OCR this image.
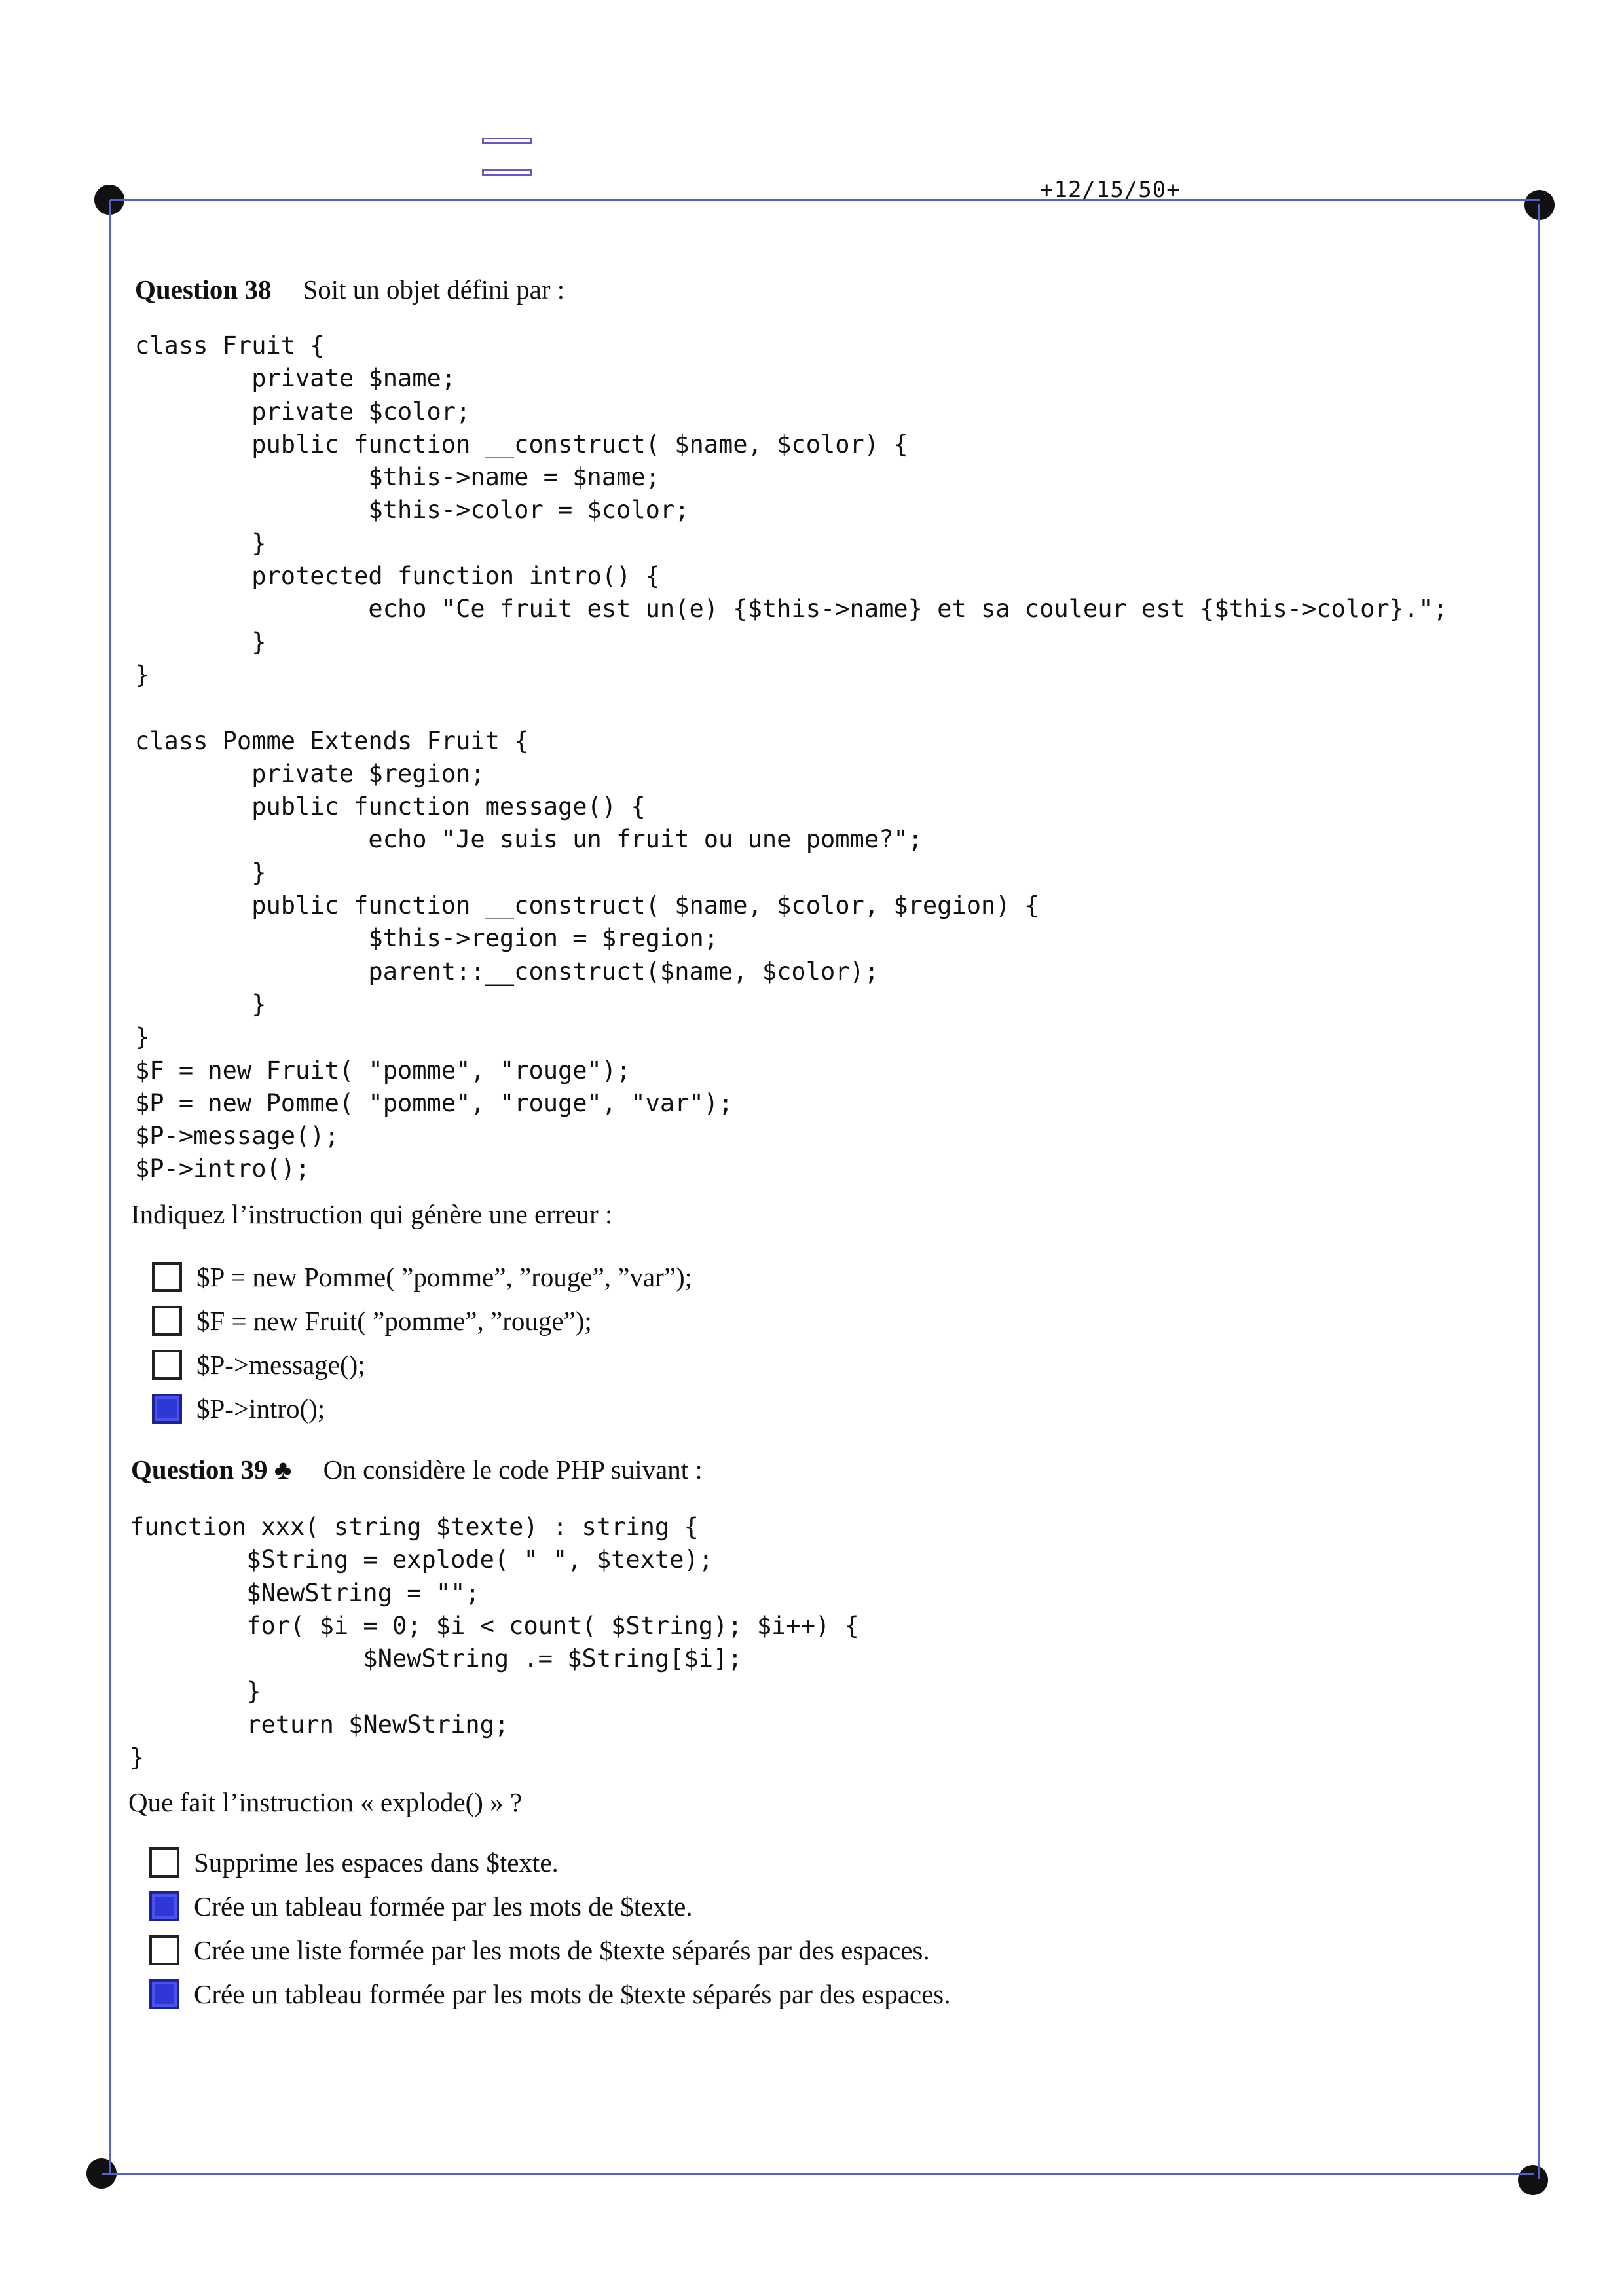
+12/15/50+
Question 38 Soit un objet défini par :
class Fruit {
private $name;
private $color;
public function __construct( $name, $color) {
$this->name = $name;
$this->color = $color;
}
protected function intro() {
echo "Ce fruit est un(e) {$this->name} et sa couleur est {$this->color}.";
}
}
class Pomme Extends Fruit {
private $region;
public function message() {
echo "Je suis un fruit ou une pomme?";
}
public function __construct( $name, $color, $region) {
$this->region = $region;
parent::__construct($name, $color);
}
}
$F = new Fruit( "pomme", "rouge");
$P = new Pomme( "pomme", "rouge", "var");
$P->message();
$P->intro();
Indiquez l’instruction qui génère une erreur :
$P = new Pomme( ”pomme”, ”rouge”, ”var”);
$F = new Fruit( ”pomme”, ”rouge”);
$P->message();
$P->intro();
Question 39 ♣ On considère le code PHP suivant :
function xxx( string $texte) : string {
$String = explode( " ", $texte);
$NewString = "";
for( $i = 0; $i < count( $String); $i++) {
$NewString .= $String[$i];
}
return $NewString;
}
Que fait l’instruction « explode() » ?
Supprime les espaces dans $texte.
Crée un tableau formée par les mots de $texte.
Crée une liste formée par les mots de $texte séparés par des espaces.
Crée un tableau formée par les mots de $texte séparés par des espaces.
